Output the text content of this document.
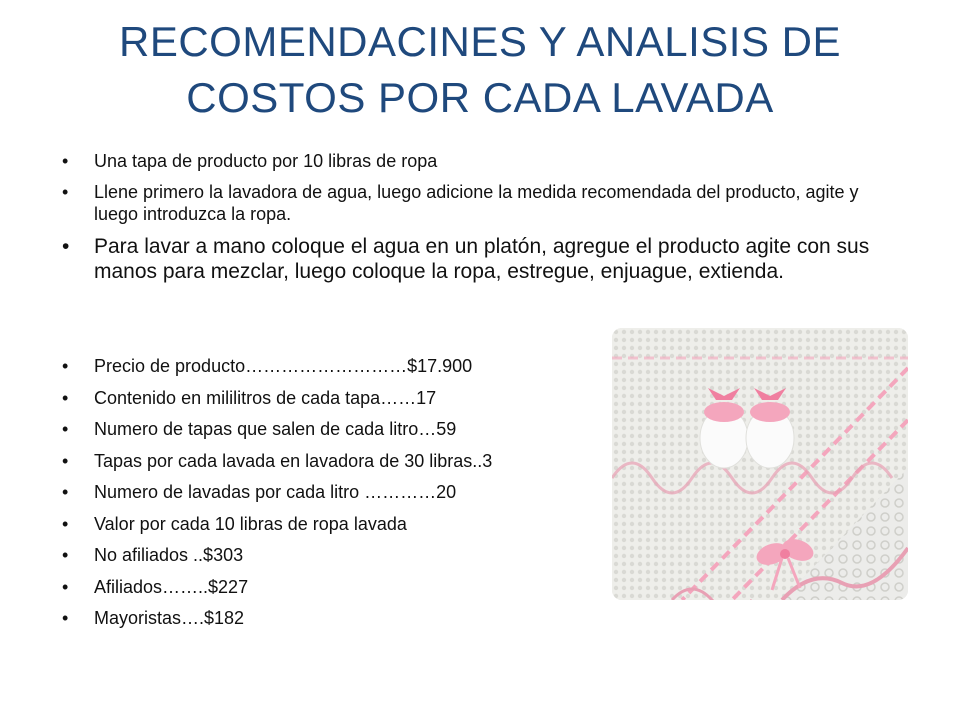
RECOMENDACINES Y ANALISIS DE
COSTOS POR CADA LAVADA
• Una tapa de producto por 10 libras de ropa
• Llene primero la lavadora de agua, luego adicione la medida recomendada del producto, agite y luego introduzca la ropa.
• Para lavar a mano coloque el agua en un platón, agregue el producto agite con sus manos para mezclar, luego coloque la ropa, estregue, enjuague, extienda.
• Precio de producto………………………$17.900
• Contenido en mililitros de cada tapa……17
• Numero de tapas que salen de cada litro…59
• Tapas por cada lavada en lavadora de 30 libras..3
• Numero de lavadas por cada litro …………20
• Valor por cada 10 libras de ropa lavada
• No afiliados ..$303
• Afiliados……..$227
• Mayoristas….$182
